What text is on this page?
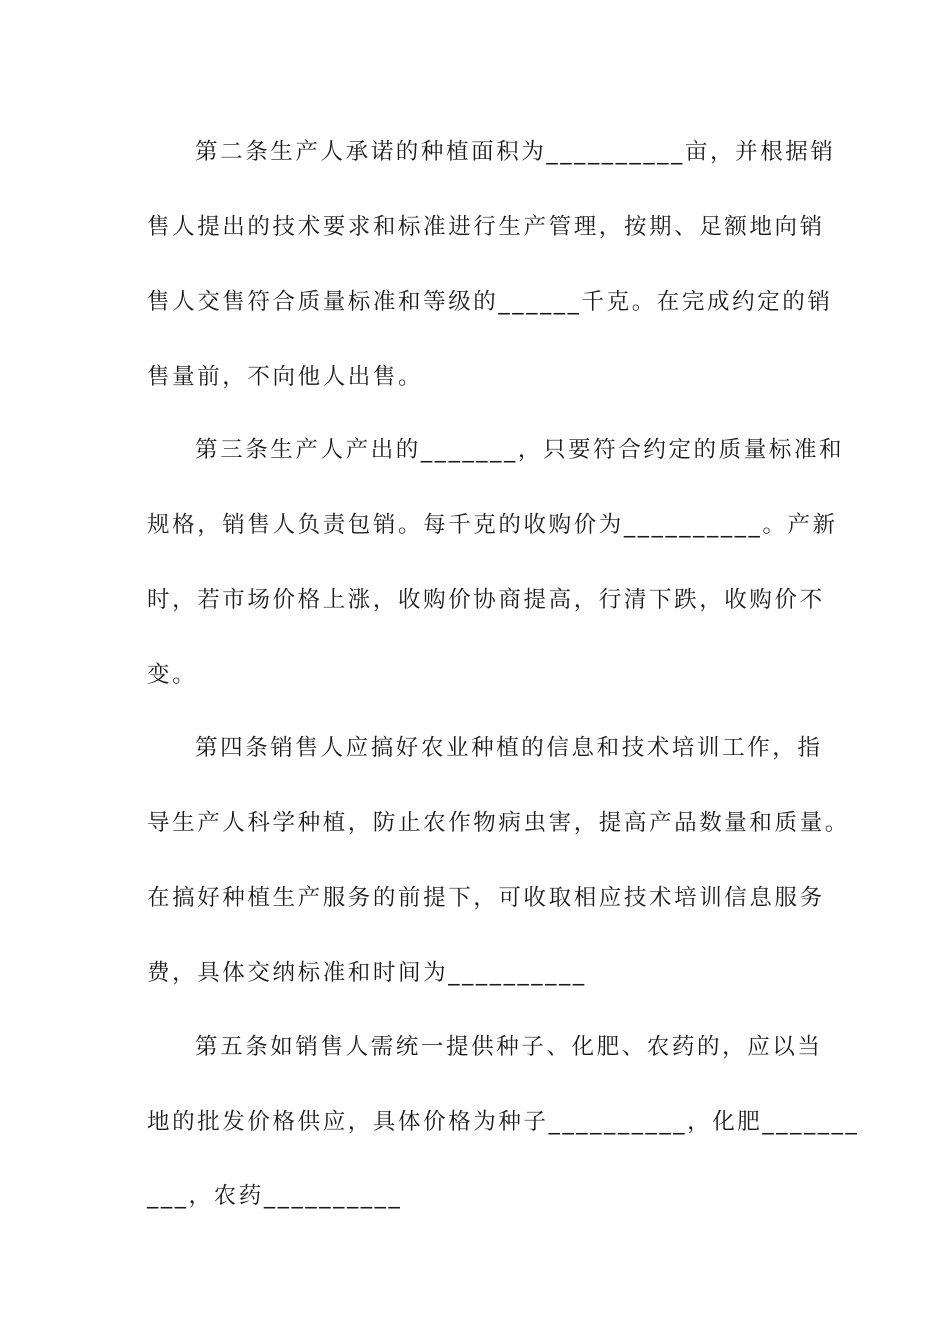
第二条生产人承诺的种植面积为__________亩，并根据销
售人提出的技术要求和标准进行生产管理，按期、足额地向销
售人交售符合质量标准和等级的______千克。在完成约定的销
售量前，不向他人出售。
第三条生产人产出的_______，只要符合约定的质量标准和
规格，销售人负责包销。每千克的收购价为__________。产新
时，若市场价格上涨，收购价协商提高，行清下跌，收购价不
变。
第四条销售人应搞好农业种植的信息和技术培训工作，指
导生产人科学种植，防止农作物病虫害，提高产品数量和质量。
在搞好种植生产服务的前提下，可收取相应技术培训信息服务
费，具体交纳标准和时间为__________
第五条如销售人需统一提供种子、化肥、农药的，应以当
地的批发价格供应，具体价格为种子__________，化肥_______
___，农药__________
